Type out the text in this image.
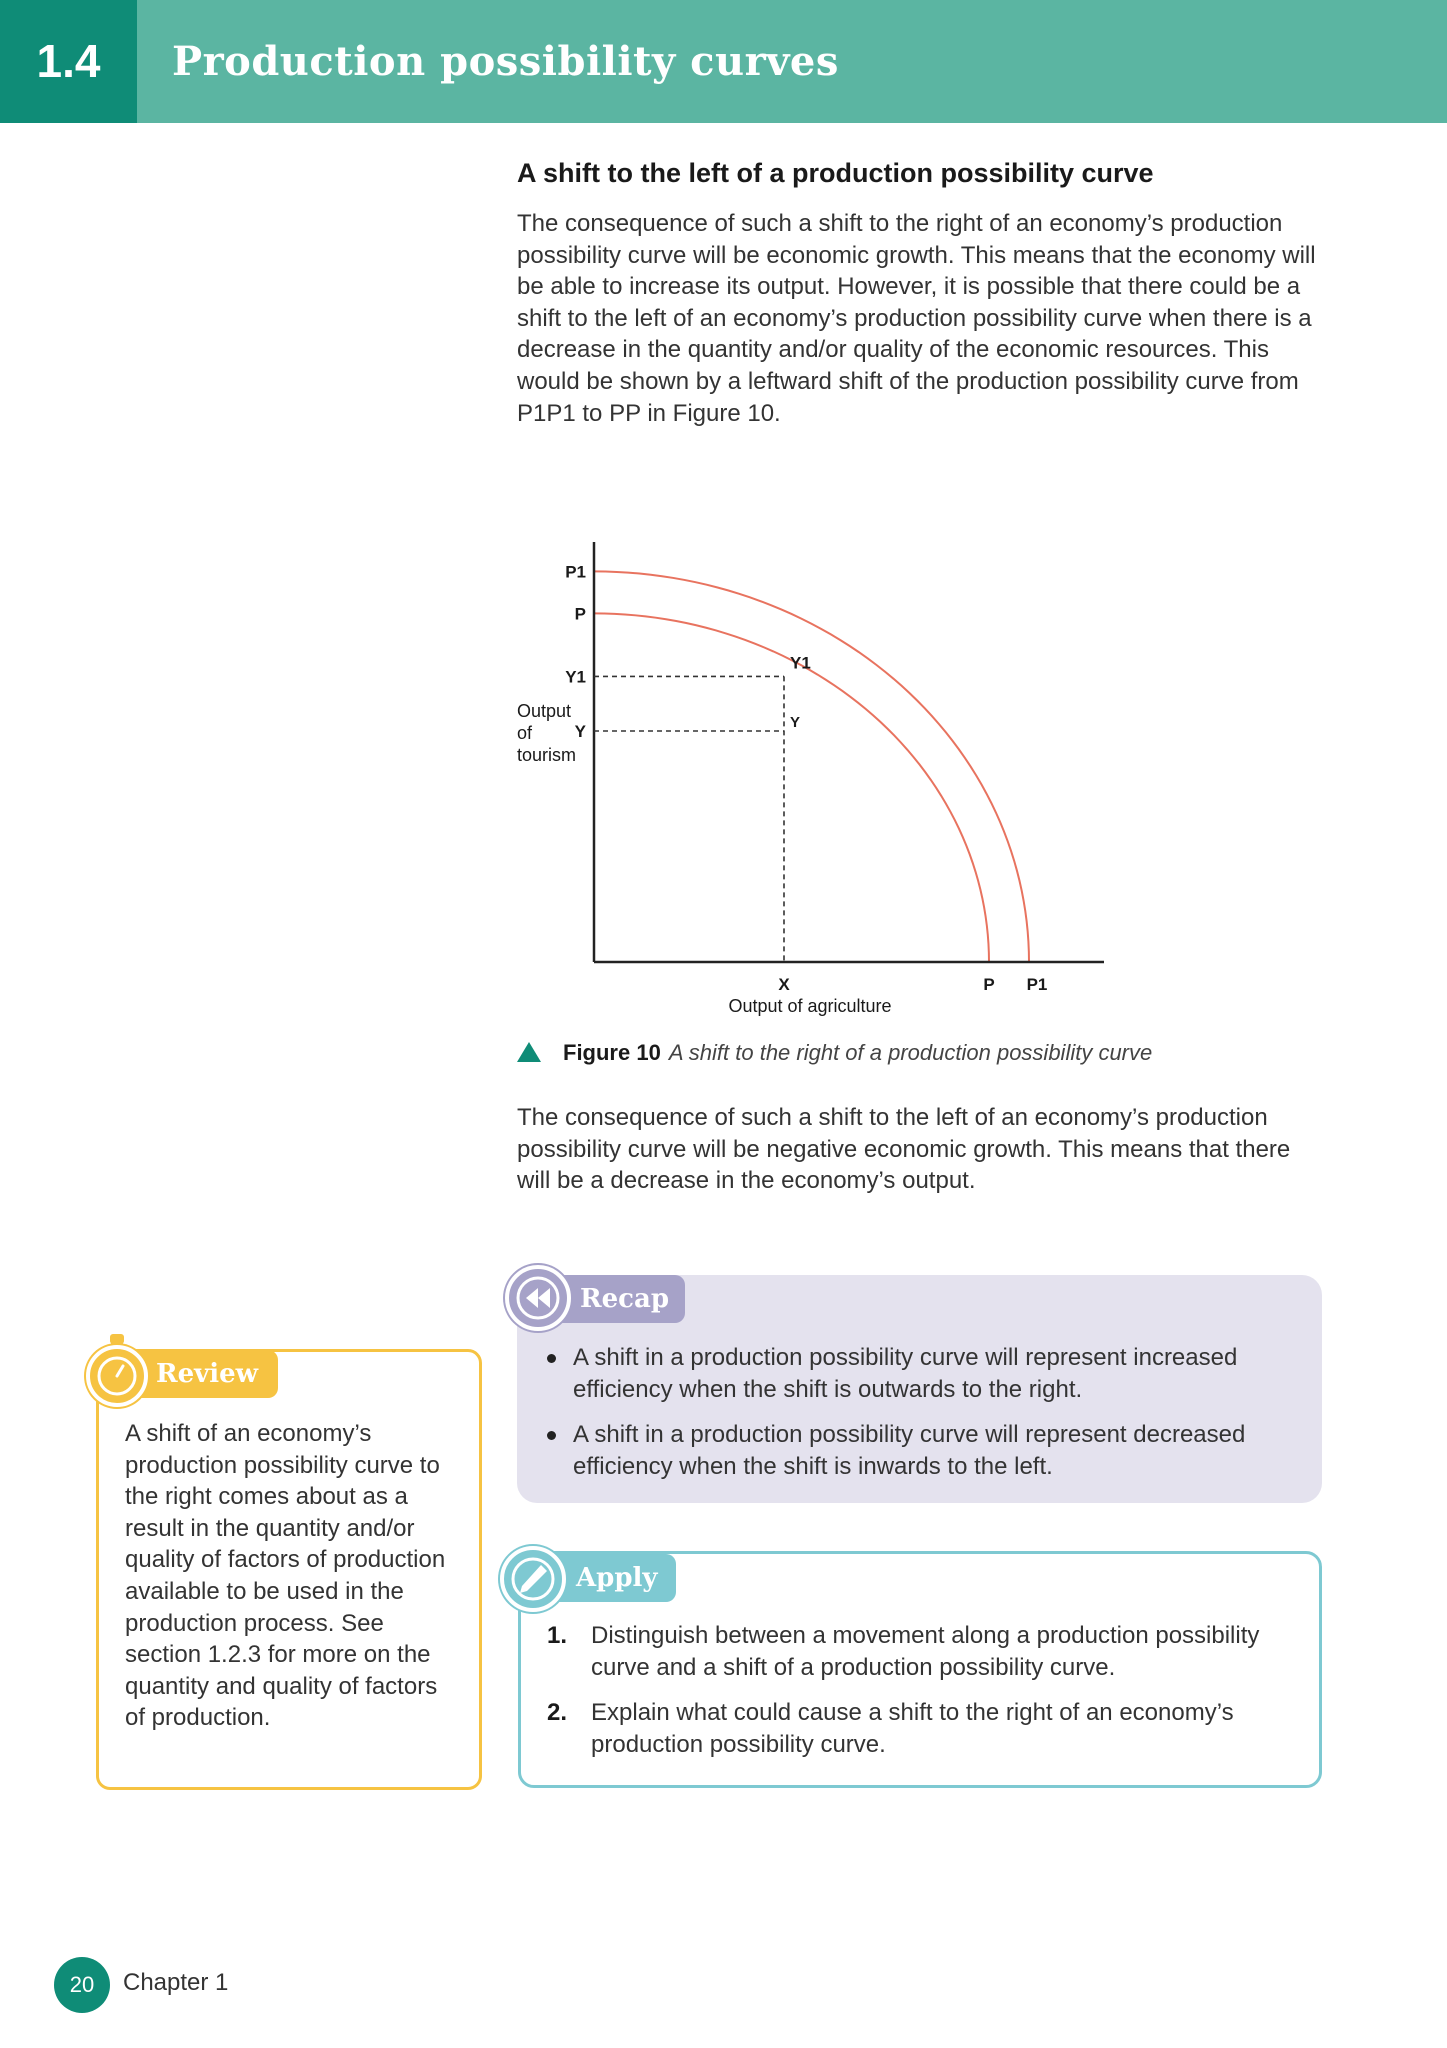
1.4	Production possibility curves
A shift to the left of a production possibility curve
The consequence of such a shift to the right of an economy’s production possibility curve will be economic growth. This means that the economy will be able to increase its output. However, it is possible that there could be a shift to the left of an economy’s production possibility curve when there is a decrease in the quantity and/or quality of the economic resources. This would be shown by a leftward shift of the production possibility curve from P1P1 to PP in Figure 10.
P1
P
Y1
Y
X	P P1
Y1
Y
Output
of
tourism
Output of agriculture
Figure 10 A shift to the right of a production possibility curve
The consequence of such a shift to the left of an economy’s production possibility curve will be negative economic growth. This means that there will be a decrease in the economy’s output.
Recap
A shift in a production possibility curve will represent increased efficiency when the shift is outwards to the right.
A shift in a production possibility curve will represent decreased efficiency when the shift is inwards to the left.
Apply
1. Distinguish between a movement along a production possibility curve and a shift of a production possibility curve.
2. Explain what could cause a shift to the right of an economy’s production possibility curve.
Review
A shift of an economy’s production possibility curve to the right comes about as a result in the quantity and/or quality of factors of production available to be used in the production process. See section 1.2.3 for more on the quantity and quality of factors of production.
20	Chapter 1
